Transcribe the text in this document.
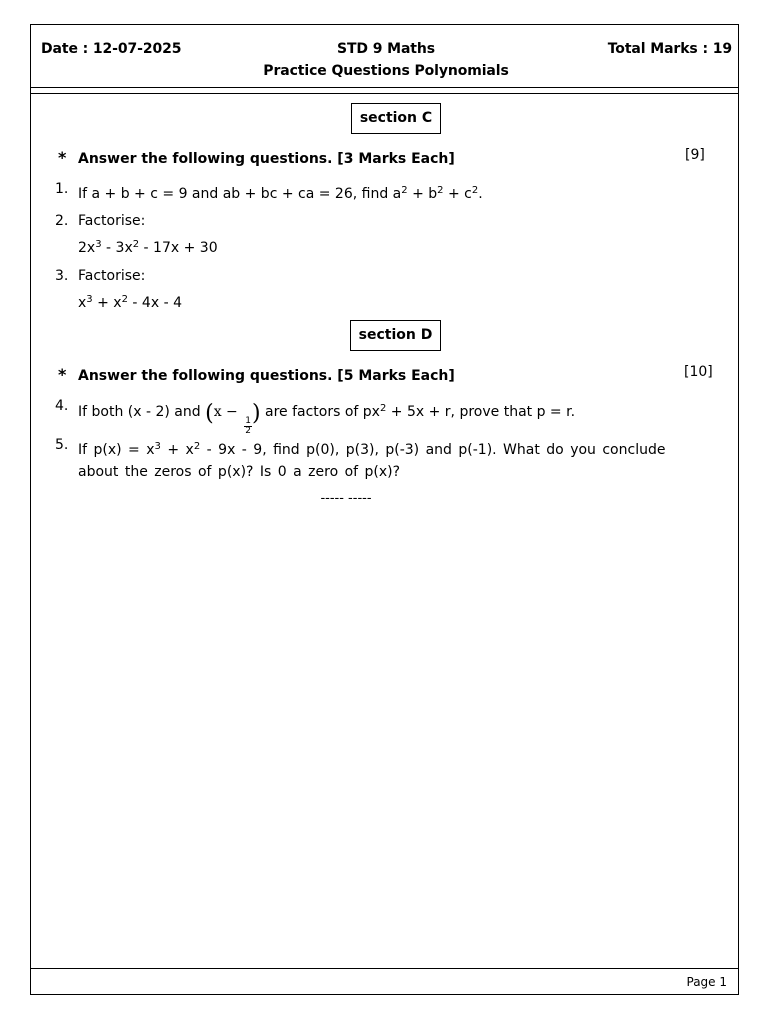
Date : 12-07-2025	STD 9 Maths
Practice Questions Polynomials
Total Marks : 19
section C
* Answer the following questions. [3 Marks Each]	[9]
1. If a + b + c = 9 and ab + bc + ca = 26, find $a^2 + b^2 + c^2$.
2. Factorise:
$2x^3 - 3x^2 - 17x + 30$
3. Factorise:
$x^3 + x^2 - 4x - 4$
section D
* Answer the following questions. [5 Marks Each]	[10]
4. If both (x - 2) and (x −
$\frac{1}{2}$
) are factors of $px^2 + 5x + r$, prove that p = r.
5. If $p(x) = x^3 + x^2 - 9x - 9$, find p(0), p(3), p(-3) and p(-1). What do you conclude
about the zeros of p(x)? Is 0 a zero of p(x)?
----- -----
Page 1
